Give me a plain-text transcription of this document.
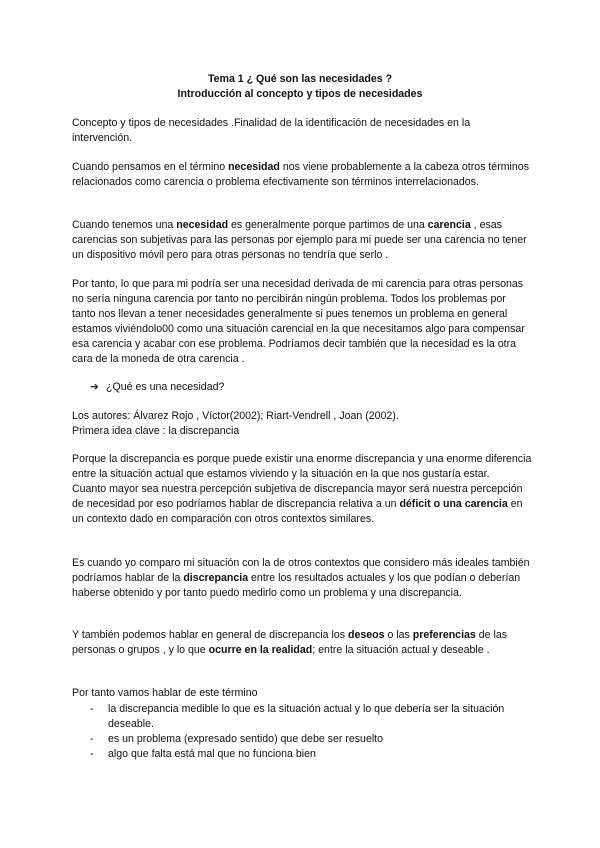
Tema 1 ¿ Qué son las necesidades ?
Introducción al concepto y tipos de necesidades
Concepto y tipos de necesidades .Finalidad de la identificación de necesidades en la intervención.
Cuando pensamos en el término necesidad nos viene probablemente a la cabeza otros términos relacionados como carencia o problema efectivamente son términos interrelacionados.
Cuando tenemos una necesidad es generalmente porque partimos de una carencia , esas carencias son subjetivas para las personas por ejemplo para mi puede ser una carencia no tener un dispositivo móvil pero para otras personas no tendría que serlo .
Por tanto, lo que para mi podría ser una necesidad derivada de mi carencia para otras personas no sería ninguna carencia por tanto no percibirán ningún problema. Todos los problemas por tanto nos llevan a tener necesidades generalmente si pues tenemos un problema en general estamos viviéndolo00 como una situación carencial en la que necesitamos algo para compensar esa carencia y acabar con ese problema. Podríamos decir también que la necesidad es la otra cara de la moneda de otra carencia .
➔ ¿Qué es una necesidad?
Los autores: Álvarez Rojo , Víctor(2002); Riart-Vendrell , Joan (2002).
Primera idea clave : la discrepancia
Porque la discrepancia es porque puede existir una enorme discrepancia y una enorme diferencia entre la situación actual que estamos viviendo y la situación en la que nos gustaría estar.
Cuanto mayor sea nuestra percepción subjetiva de discrepancia mayor será nuestra percepción de necesidad por eso podríamos hablar de discrepancia relativa a un déficit o una carencia en un contexto dado en comparación con otros contextos similares.
Es cuando yo comparo mi situación con la de otros contextos que considero más ideales también podríamos hablar de la discrepancia entre los resultados actuales y los que podían o deberían haberse obtenido y por tanto puedo medirlo como un problema y una discrepancia.
Y también podemos hablar en general de discrepancia los deseos o las preferencias de las personas o grupos , y lo que ocurre en la realidad; entre la situación actual y deseable .
Por tanto vamos hablar de este término
- la discrepancia medible lo que es la situación actual y lo que debería ser la situación deseable.
- es un problema (expresado sentido) que debe ser resuelto
- algo que falta está mal que no funciona bien
